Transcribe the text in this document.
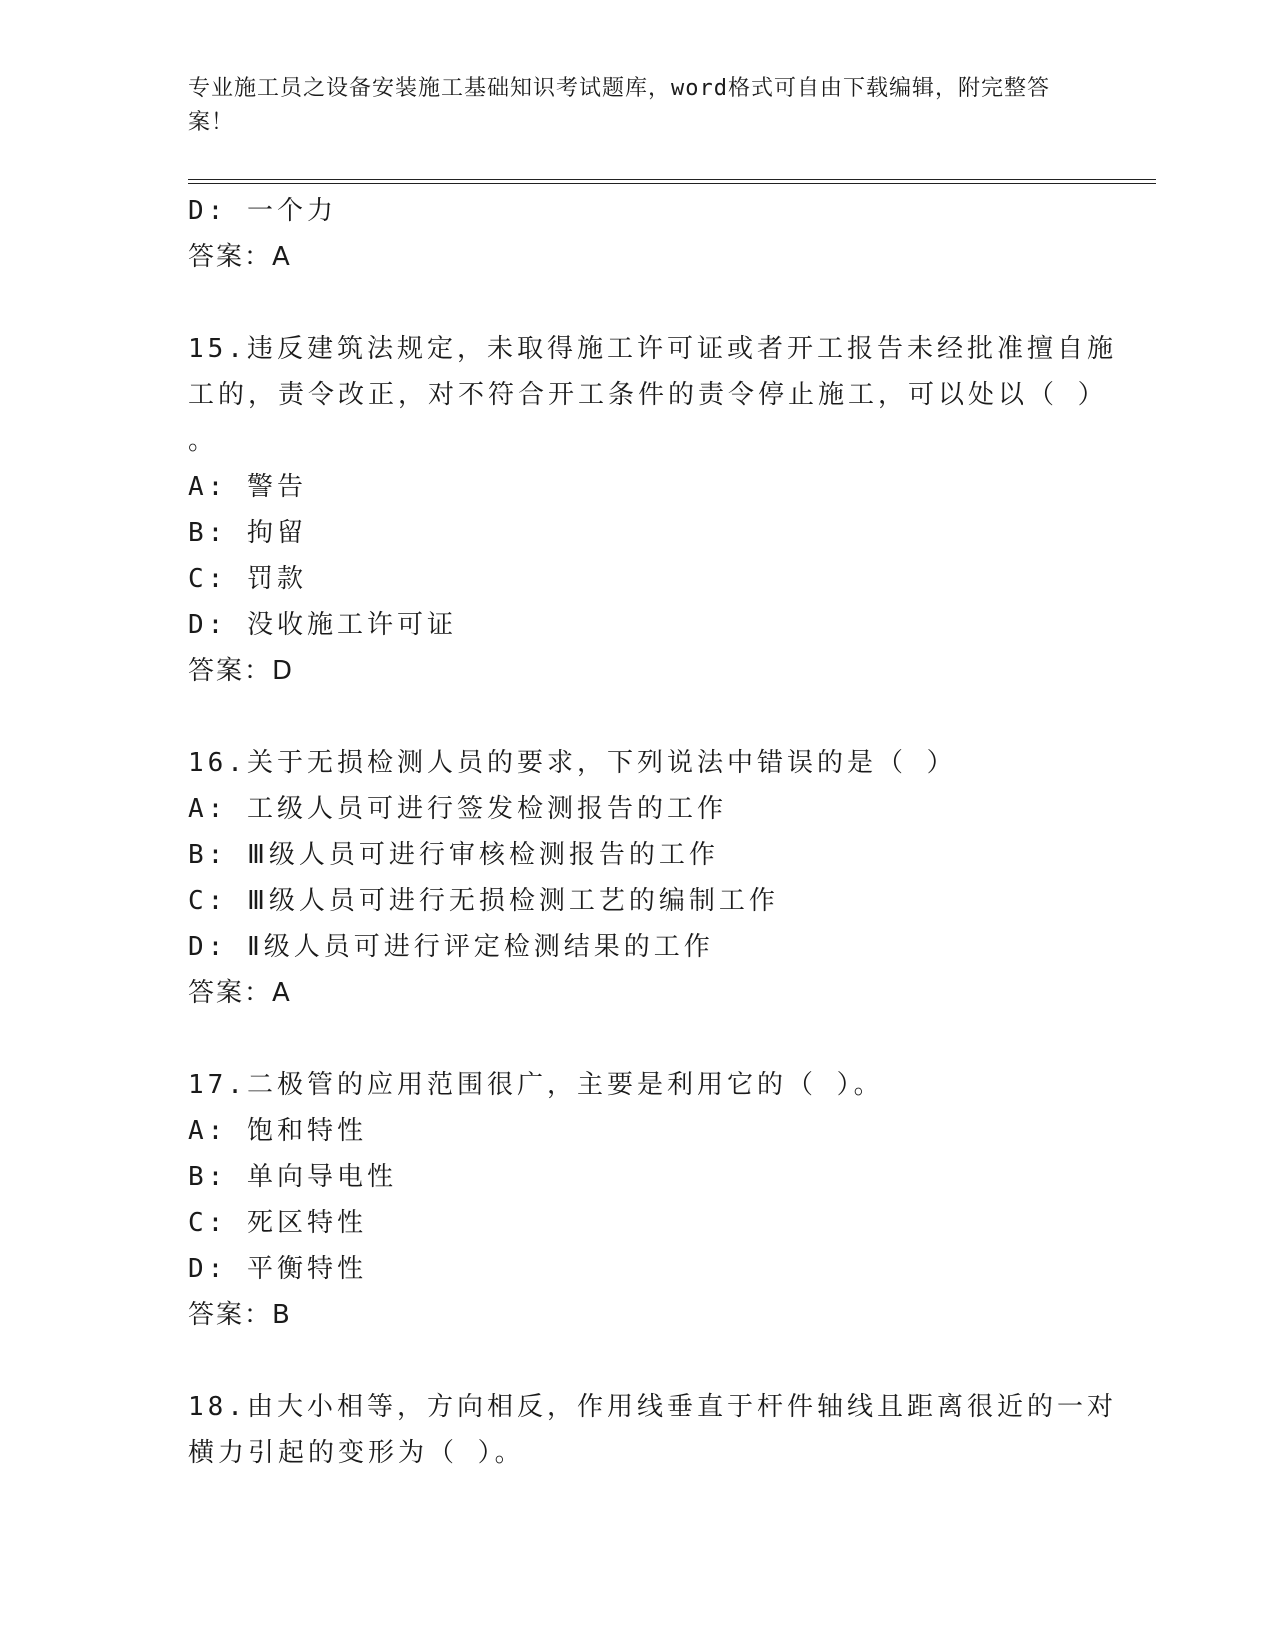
专业施工员之设备安装施工基础知识考试题库，word格式可自由下载编辑，附完整答案！
D: 一个力
答案：A
15.违反建筑法规定，未取得施工许可证或者开工报告未经批准擅自施
工的，责令改正，对不符合开工条件的责令停止施工，可以处以（ ）
。
A: 警告
B: 拘留
C: 罚款
D: 没收施工许可证
答案：D
16.关于无损检测人员的要求，下列说法中错误的是（ ）
A: 工级人员可进行签发检测报告的工作
B: Ⅲ级人员可进行审核检测报告的工作
C: Ⅲ级人员可进行无损检测工艺的编制工作
D: Ⅱ级人员可进行评定检测结果的工作
答案：A
17.二极管的应用范围很广，主要是利用它的（ ）。
A: 饱和特性
B: 单向导电性
C: 死区特性
D: 平衡特性
答案：B
18.由大小相等，方向相反，作用线垂直于杆件轴线且距离很近的一对
横力引起的变形为（ ）。
